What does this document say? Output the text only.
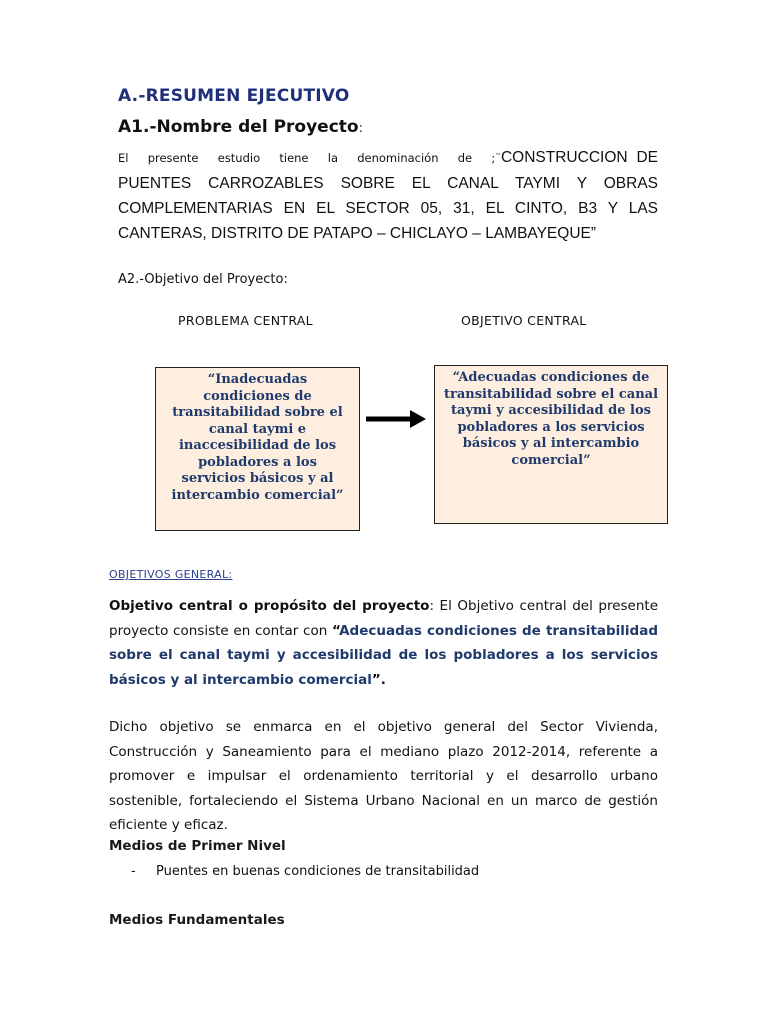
A.-RESUMEN EJECUTIVO
A1.-Nombre del Proyecto:
El presente estudio tiene la denominación de ;¨CONSTRUCCION DE PUENTES CARROZABLES SOBRE EL CANAL TAYMI Y OBRAS COMPLEMENTARIAS EN EL SECTOR 05, 31, EL CINTO, B3 Y LAS CANTERAS, DISTRITO DE PATAPO – CHICLAYO – LAMBAYEQUE”
A2.-Objetivo del Proyecto:
PROBLEMA CENTRAL	OBJETIVO CENTRAL
“Inadecuadas condiciones de transitabilidad sobre el canal taymi e inaccesibilidad de los pobladores a los servicios básicos y al intercambio comercial”
“Adecuadas condiciones de transitabilidad sobre el canal taymi y accesibilidad de los pobladores a los servicios básicos y al intercambio comercial”
OBJETIVOS GENERAL:
Objetivo central o propósito del proyecto: El Objetivo central del presente proyecto consiste en contar con “Adecuadas condiciones de transitabilidad sobre el canal taymi y accesibilidad de los pobladores a los servicios básicos y al intercambio comercial”.
Dicho objetivo se enmarca en el objetivo general del Sector Vivienda, Construcción y Saneamiento para el mediano plazo 2012-2014, referente a promover e impulsar el ordenamiento territorial y el desarrollo urbano sostenible, fortaleciendo el Sistema Urbano Nacional en un marco de gestión eficiente y eficaz.
Medios de Primer Nivel
- Puentes en buenas condiciones de transitabilidad
Medios Fundamentales
